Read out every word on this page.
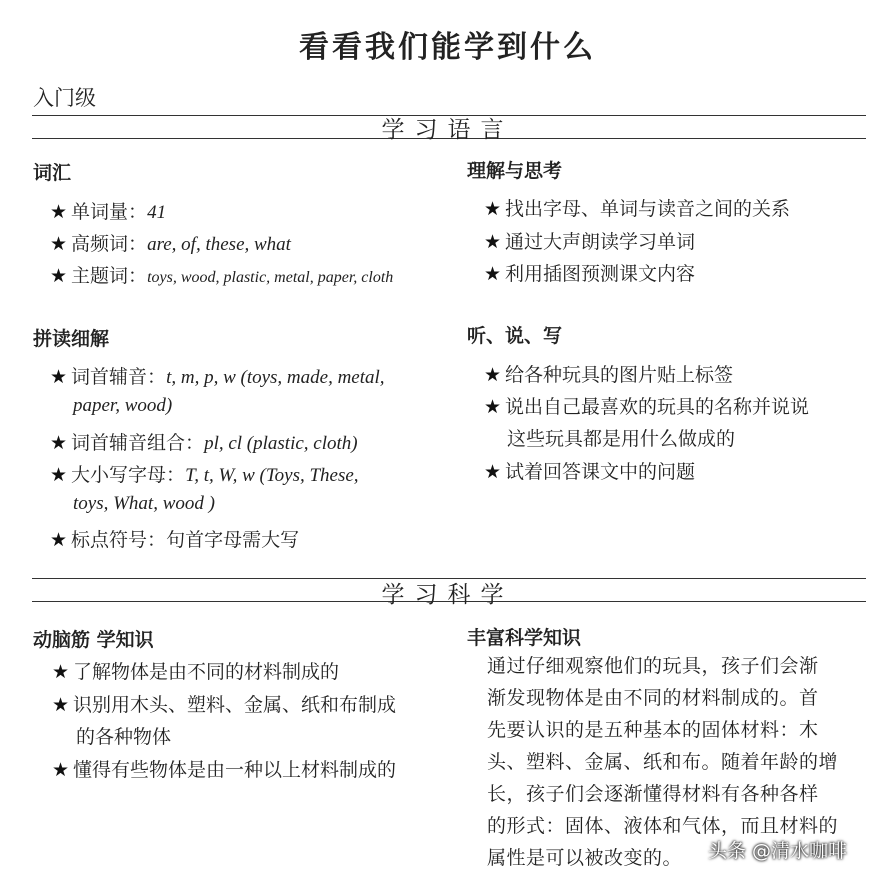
看看我们能学到什么
入门级
学习语言
词汇
★ 单词量：41
★ 高频词：are, of, these, what
★ 主题词：toys, wood, plastic, metal, paper, cloth
拼读细解
★ 词首辅音：t, m, p, w (toys, made, metal,
paper, wood)
★ 词首辅音组合：pl, cl (plastic, cloth)
★ 大小写字母：T, t, W, w (Toys, These,
toys, What, wood )
★ 标点符号：句首字母需大写
理解与思考
★ 找出字母、单词与读音之间的关系
★ 通过大声朗读学习单词
★ 利用插图预测课文内容
听、说、写
★ 给各种玩具的图片贴上标签
★ 说出自己最喜欢的玩具的名称并说说
这些玩具都是用什么做成的
★ 试着回答课文中的问题
学习科学
动脑筋 学知识
★ 了解物体是由不同的材料制成的
★ 识别用木头、塑料、金属、纸和布制成
的各种物体
★ 懂得有些物体是由一种以上材料制成的
丰富科学知识
通过仔细观察他们的玩具，孩子们会渐
渐发现物体是由不同的材料制成的。首
先要认识的是五种基本的固体材料：木
头、塑料、金属、纸和布。随着年龄的增
长，孩子们会逐渐懂得材料有各种各样
的形式：固体、液体和气体，而且材料的
属性是可以被改变的。	头条 @清水咖啡
